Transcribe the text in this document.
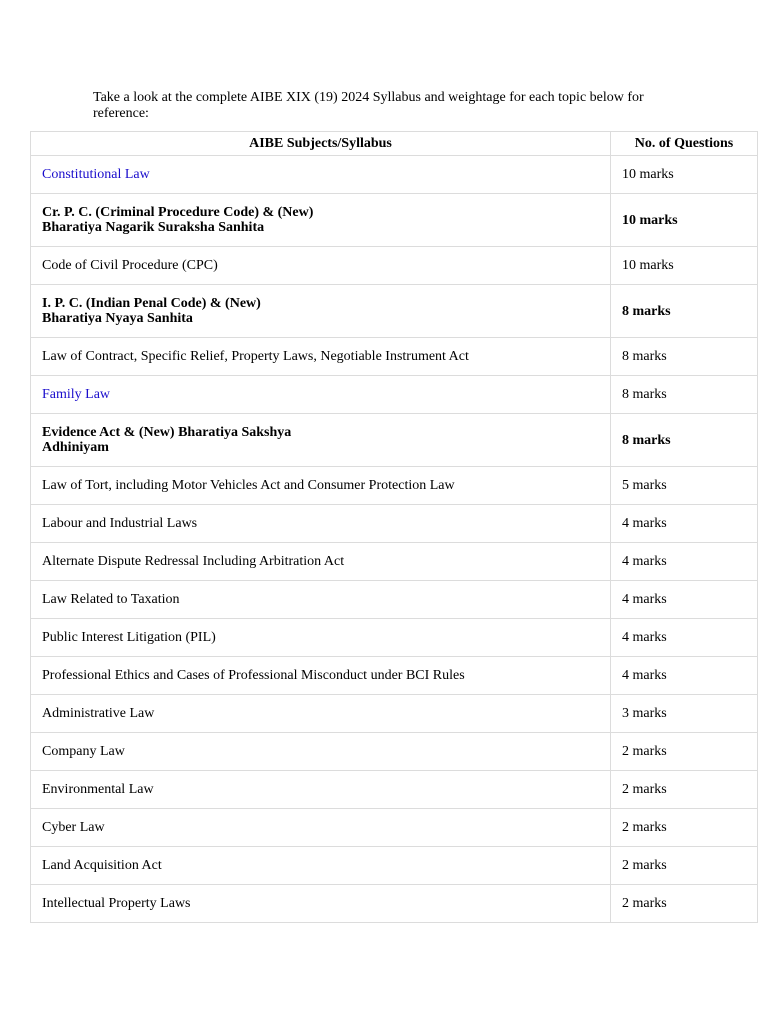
Take a look at the complete AIBE XIX (19) 2024 Syllabus and weightage for each topic below for reference:

AIBE Subjects/Syllabus	No. of Questions
Constitutional Law	10 marks
Cr. P. C. (Criminal Procedure Code) & (New)
Bharatiya Nagarik Suraksha Sanhita	10 marks
Code of Civil Procedure (CPC)	10 marks
I. P. C. (Indian Penal Code) & (New)
Bharatiya Nyaya Sanhita	8 marks
Law of Contract, Specific Relief, Property Laws, Negotiable Instrument Act	8 marks
Family Law	8 marks
Evidence Act & (New) Bharatiya Sakshya
Adhiniyam	8 marks
Law of Tort, including Motor Vehicles Act and Consumer Protection Law	5 marks
Labour and Industrial Laws	4 marks
Alternate Dispute Redressal Including Arbitration Act	4 marks
Law Related to Taxation	4 marks
Public Interest Litigation (PIL)	4 marks
Professional Ethics and Cases of Professional Misconduct under BCI Rules	4 marks
Administrative Law	3 marks
Company Law	2 marks
Environmental Law	2 marks
Cyber Law	2 marks
Land Acquisition Act	2 marks
Intellectual Property Laws	2 marks
